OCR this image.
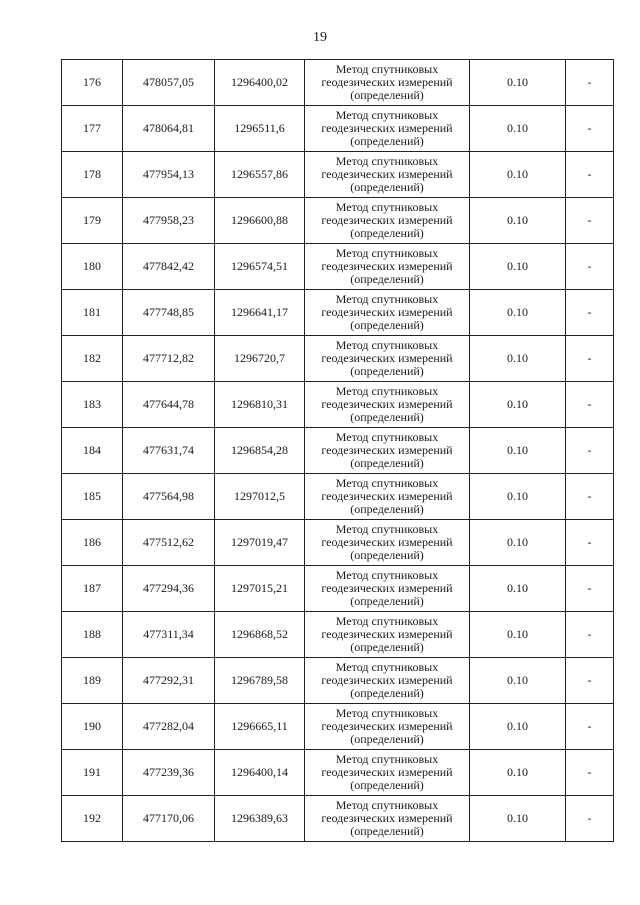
19
176	478057,05	1296400,02	Метод спутниковых
геодезических измерений
(определений)	0.10	-
177	478064,81	1296511,6	Метод спутниковых
геодезических измерений
(определений)	0.10	-
178	477954,13	1296557,86	Метод спутниковых
геодезических измерений
(определений)	0.10	-
179	477958,23	1296600,88	Метод спутниковых
геодезических измерений
(определений)	0.10	-
180	477842,42	1296574,51	Метод спутниковых
геодезических измерений
(определений)	0.10	-
181	477748,85	1296641,17	Метод спутниковых
геодезических измерений
(определений)	0.10	-
182	477712,82	1296720,7	Метод спутниковых
геодезических измерений
(определений)	0.10	-
183	477644,78	1296810,31	Метод спутниковых
геодезических измерений
(определений)	0.10	-
184	477631,74	1296854,28	Метод спутниковых
геодезических измерений
(определений)	0.10	-
185	477564,98	1297012,5	Метод спутниковых
геодезических измерений
(определений)	0.10	-
186	477512,62	1297019,47	Метод спутниковых
геодезических измерений
(определений)	0.10	-
187	477294,36	1297015,21	Метод спутниковых
геодезических измерений
(определений)	0.10	-
188	477311,34	1296868,52	Метод спутниковых
геодезических измерений
(определений)	0.10	-
189	477292,31	1296789,58	Метод спутниковых
геодезических измерений
(определений)	0.10	-
190	477282,04	1296665,11	Метод спутниковых
геодезических измерений
(определений)	0.10	-
191	477239,36	1296400,14	Метод спутниковых
геодезических измерений
(определений)	0.10	-
192	477170,06	1296389,63	Метод спутниковых
геодезических измерений
(определений)	0.10	-
